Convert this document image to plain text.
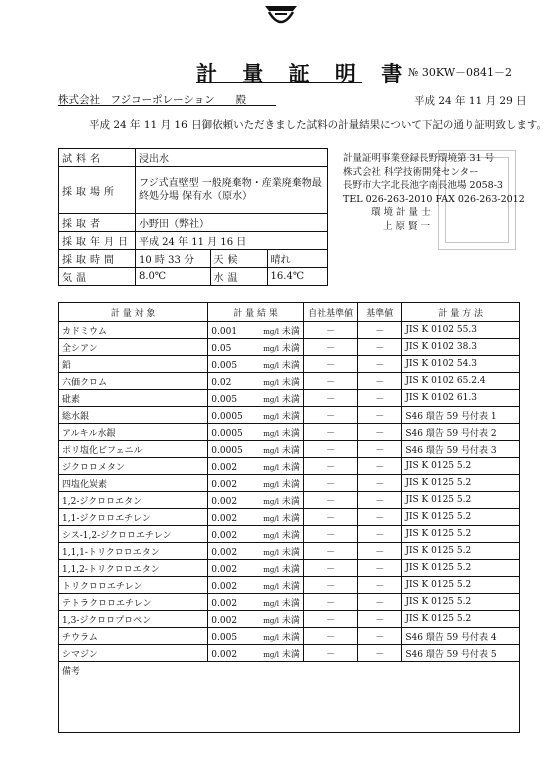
計 量 証 明 書
№ 30KW－0841－2
株式会社　フジコーポレーション　　殿	平成 24 年 11 月 29 日
平成 24 年 11 月 16 日御依頼いただきました試料の計量結果について下記の通り証明致します。
試料名	浸出水		
採取場所	フジ式直壁型 一般廃棄物・産業廃棄物最終処分場 保有水（原水）		
採取者	小野田（弊社）		
採取年月日	平成 24 年 11 月 16 日		
採取時間	10 時 33 分	天候	晴れ
気温	8.0℃	水温	16.4℃
計量証明事業登録長野環境第 31 号
株式会社 科学技術開発センター
長野市大字北長池字南長池場 2058-3
TEL 026-263-2010 FAX 026-263-2012
環 境 計 量 士
上 原 賢 一
計 量 対 象	計 量 結 果	自社基準値	基準値	計 量 方 法
カドミウム	0.001 mg/l 未満	－	－	JIS K 0102 55.3
全シアン	0.05 mg/l 未満	－	－	JIS K 0102 38.3
鉛	0.005 mg/l 未満	－	－	JIS K 0102 54.3
六価クロム	0.02 mg/l 未満	－	－	JIS K 0102 65.2.4
砒素	0.005 mg/l 未満	－	－	JIS K 0102 61.3
総水銀	0.0005 mg/l 未満	－	－	S46 環告 59 号付表 1
アルキル水銀	0.0005 mg/l 未満	－	－	S46 環告 59 号付表 2
ポリ塩化ビフェニル	0.0005 mg/l 未満	－	－	S46 環告 59 号付表 3
ジクロロメタン	0.002 mg/l 未満	－	－	JIS K 0125 5.2
四塩化炭素	0.002 mg/l 未満	－	－	JIS K 0125 5.2
1,2-ジクロロエタン	0.002 mg/l 未満	－	－	JIS K 0125 5.2
1,1-ジクロロエチレン	0.002 mg/l 未満	－	－	JIS K 0125 5.2
シス-1,2-ジクロロエチレン	0.002 mg/l 未満	－	－	JIS K 0125 5.2
1,1,1-トリクロロエタン	0.002 mg/l 未満	－	－	JIS K 0125 5.2
1,1,2-トリクロロエタン	0.002 mg/l 未満	－	－	JIS K 0125 5.2
トリクロロエチレン	0.002 mg/l 未満	－	－	JIS K 0125 5.2
テトラクロロエチレン	0.002 mg/l 未満	－	－	JIS K 0125 5.2
1,3-ジクロロプロペン	0.002 mg/l 未満	－	－	JIS K 0125 5.2
チウラム	0.005 mg/l 未満	－	－	S46 環告 59 号付表 4
シマジン	0.002 mg/l 未満	－	－	S46 環告 59 号付表 5
備考				
